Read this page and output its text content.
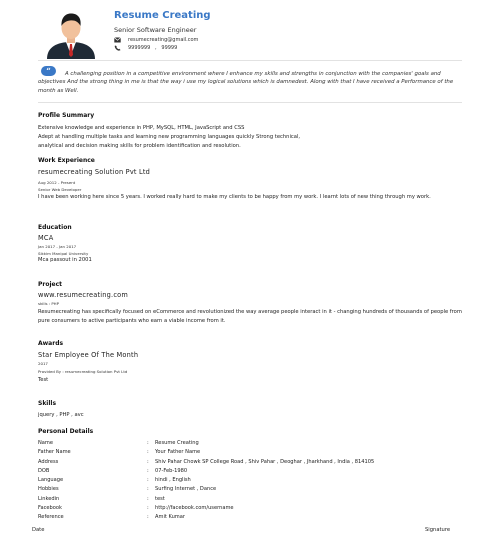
Resume Creating
Senior Software Engineer
resumecreating@gmail.com
9999999   ,   99999
“	A challenging position in a competitive environment where I enhance my skills and strengths in conjunction with the companies' goals and objectives And the strong thing in me is that the way i use my logical solutions which is damnedest. Along with that I have received a Performance of the month as Well.

Profile Summary
Extensive knowledge and experience in PHP, MySQL, HTML, JavaScript and CSS
Adept at handling multiple tasks and learning new programming languages quickly Strong technical,
analytical and decision making skills for problem identification and resolution.
Work Experience
resumecreating Solution Pvt Ltd
Aug 2012 - Present
Senior Web Developer

I have been working here since 5 years. I worked really hard to make my clients to be happy from my work. I learnt lots of new thing through my work.

Education
MCA
Jan 2017 - Jan 2017
Sikkim Manipal University
Mca passout in 2001
Project
www.resumecreating.com
skills : PHP

Resumecreating has specifically focused on eCommerce and revolutionized the way average people interact in it - changing hundreds of thousands of people from pure consumers to active participants who earn a viable income from it.

Awards
Star Employee Of The Month
2017
Provided By : resumecreating Solution Pvt Ltd
Test
Skills
jquery , PHP , avc
Personal Details
Name	: Resume Creating
Father Name	: Your Father Name
Address	: Shiv Pahar Chowk SP College Road , Shiv Pahar , Deoghar , Jharkhand , India , 814105
DOB	: 07-Feb-1980
Language	: hindi , English
Hobbies	: Surfing Internet , Dance
Linkedin	: test
Facebook	: http://facebook.com/username
Reference	: Amit Kumar
Date	Signature
